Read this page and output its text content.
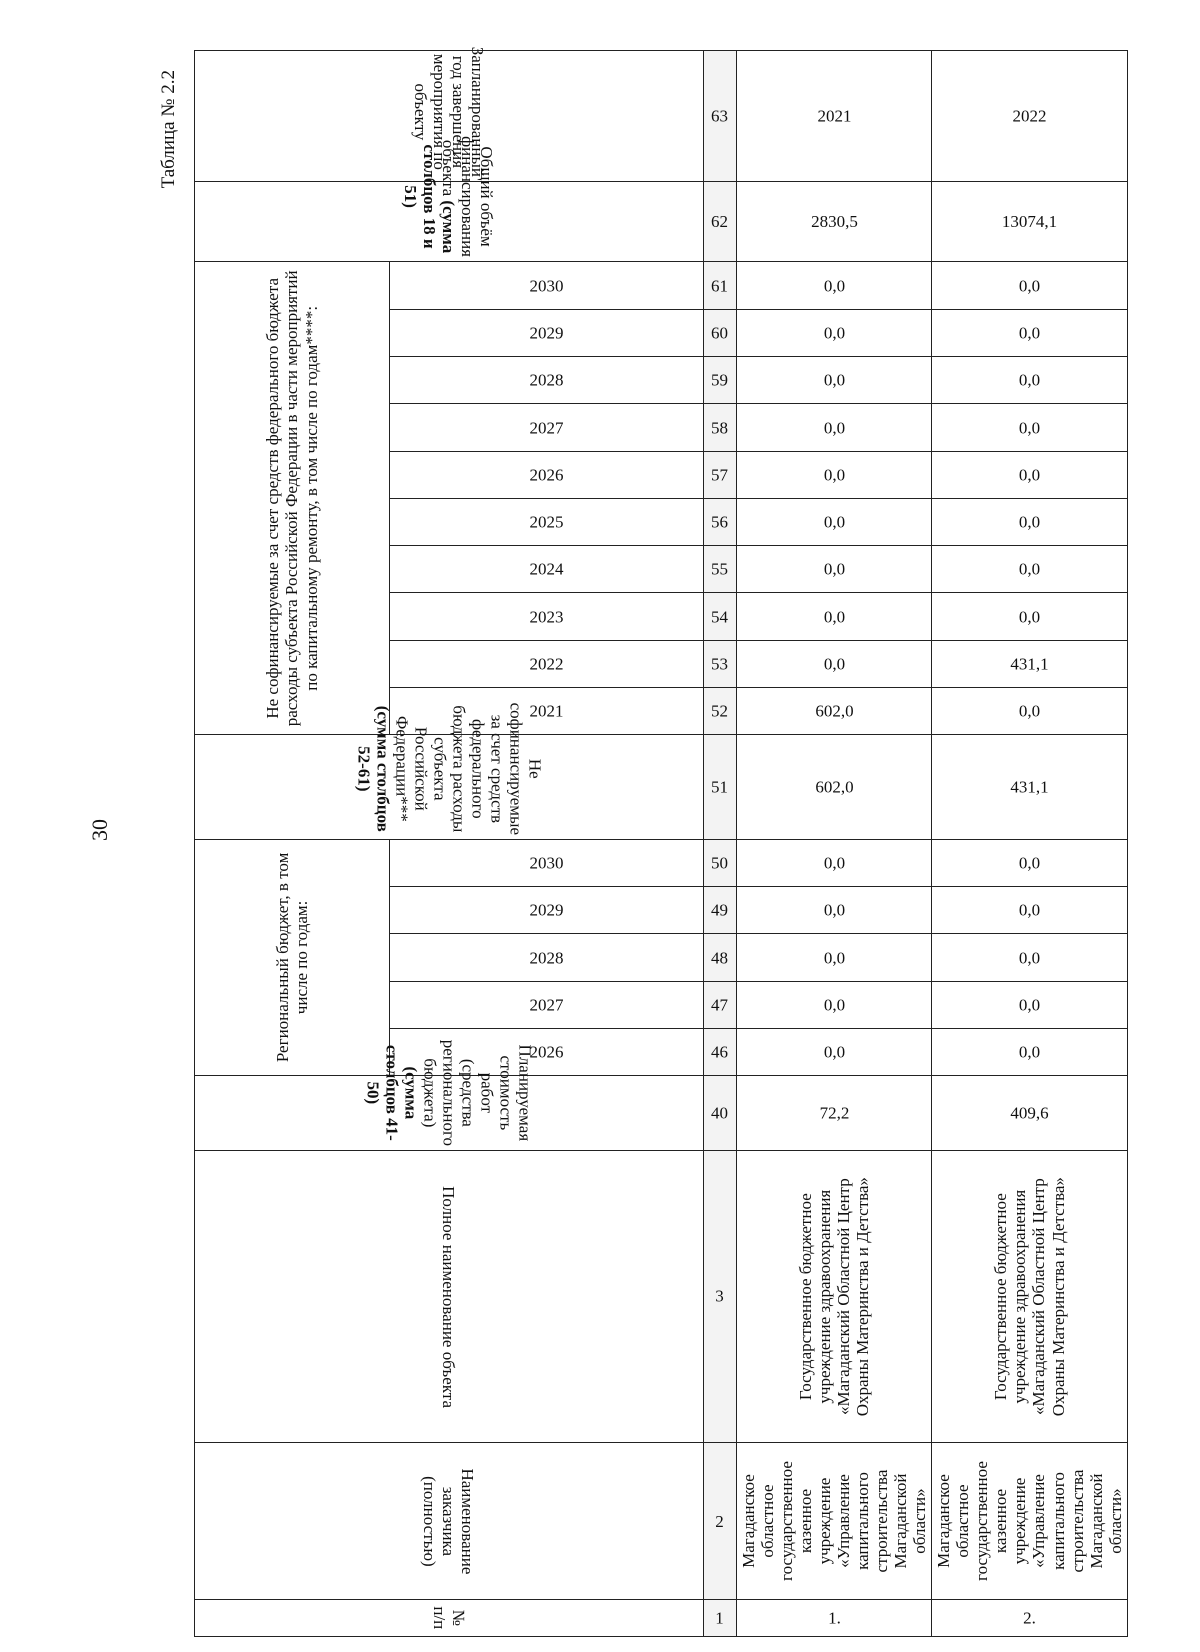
Таблица № 2.2
30
№ п/п	Наименование заказчика (полностью)	Полное наименование объекта	Планируемая стоимость работ (средства регионального бюджета) (сумма столбцов 41-50)	Региональный бюджет, в том числе по годам:					Не софинансируемые за счет средств федерального бюджета расходы субъекта Российской Федерации*** (сумма столбцов 52-61)	Не софинансируемые за счет средств федерального бюджета расходы субъекта Российской Федерации в части мероприятий по капитальному ремонту, в том числе по годам****:										Общий объём финансирования объекта (сумма столбцов 18 и 51)	Запланированный год завершения мероприятия по объекту

				2026	2027	2028	2029	2030		2021	2022	2023	2024	2025	2026	2027	2028	2029	2030		

1	2	3	40	46	47	48	49	50	51	52	53	54	55	56	57	58	59	60	61	62	63

1.	Магаданское областное государственное казенное учреждение «Управление капитального строительства Магаданской области»	Государственное бюджетное учреждение здравоохранения «Магаданский Областной Центр Охраны Материнства и Детства»	72,2	0,0	0,0	0,0	0,0	0,0	602,0	602,0	0,0	0,0	0,0	0,0	0,0	0,0	0,0	0,0	0,0	2830,5	2021

2.	Магаданское областное государственное казенное учреждение «Управление капитального строительства Магаданской области»	Государственное бюджетное учреждение здравоохранения «Магаданский Областной Центр Охраны Материнства и Детства»	409,6	0,0	0,0	0,0	0,0	0,0	431,1	0,0	431,1	0,0	0,0	0,0	0,0	0,0	0,0	0,0	0,0	13074,1	2022
